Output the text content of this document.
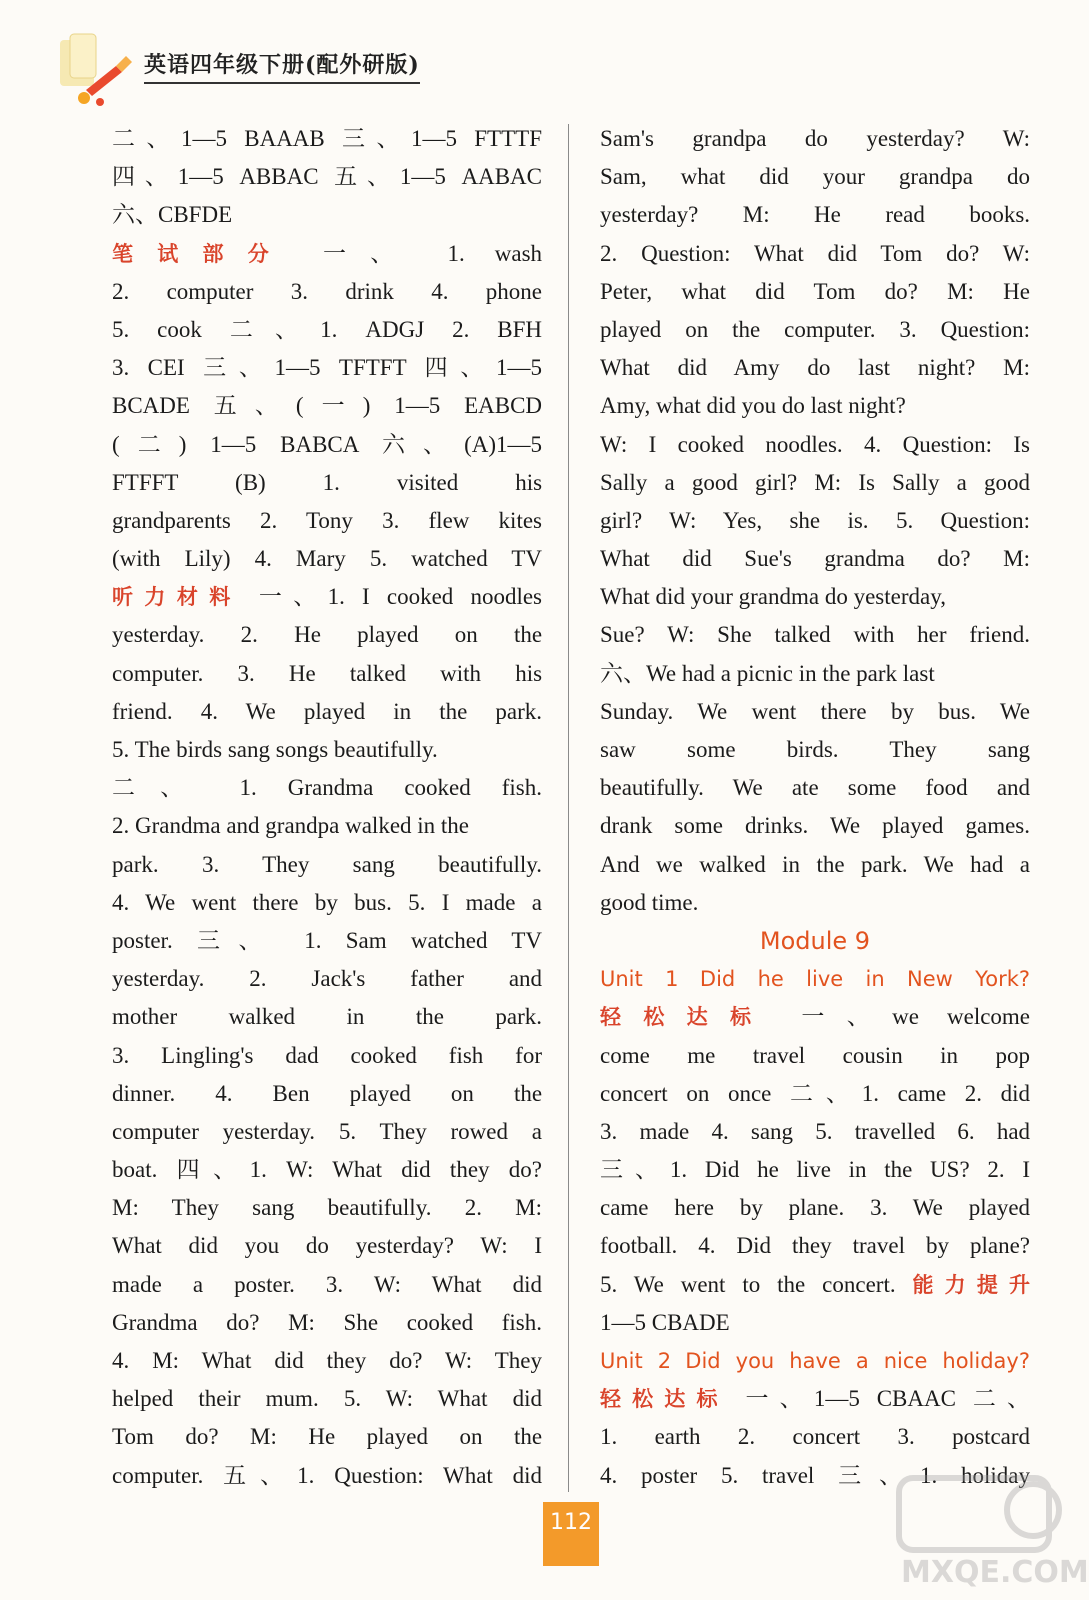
英语四年级下册(配外研版)
二、1—5 BAAAB 三、1—5 FTTTF
四、1—5 ABBAC 五、1—5 AABAC
六、CBFDE
笔试部分 一、 1. wash
2. computer 3. drink 4. phone
5. cook 二、1. ADGJ 2. BFH
3. CEI 三、1—5 TFTFT 四、1—5
BCADE 五、(一) 1—5 EABCD
(二) 1—5 BABCA 六、(A)1—5
FTFFT (B) 1. visited his
grandparents 2. Tony 3. flew kites
(with Lily) 4. Mary 5. watched TV
听力材料 一、1. I cooked noodles
yesterday. 2. He played on the
computer. 3. He talked with his
friend. 4. We played in the park.
5. The birds sang songs beautifully.
二、 1. Grandma cooked fish.
2. Grandma and grandpa walked in the
park. 3. They sang beautifully.
4. We went there by bus. 5. I made a
poster. 三、 1. Sam watched TV
yesterday. 2. Jack's father and
mother walked in the park.
3. Lingling's dad cooked fish for
dinner. 4. Ben played on the
computer yesterday. 5. They rowed a
boat. 四、1. W: What did they do?
M: They sang beautifully. 2. M:
What did you do yesterday? W: I
made a poster. 3. W: What did
Grandma do? M: She cooked fish.
4. M: What did they do? W: They
helped their mum. 5. W: What did
Tom do? M: He played on the
computer. 五、1. Question: What did
Sam's grandpa do yesterday? W:
Sam, what did your grandpa do
yesterday? M: He read books.
2. Question: What did Tom do? W:
Peter, what did Tom do? M: He
played on the computer. 3. Question:
What did Amy do last night? M:
Amy, what did you do last night?
W: I cooked noodles. 4. Question: Is
Sally a good girl? M: Is Sally a good
girl? W: Yes, she is. 5. Question:
What did Sue's grandma do? M:
What did your grandma do yesterday,
Sue? W: She talked with her friend.
六、We had a picnic in the park last
Sunday. We went there by bus. We
saw some birds. They sang
beautifully. We ate some food and
drank some drinks. We played games.
And we walked in the park. We had a
good time.
Module 9
Unit 1 Did he live in New York?
轻松达标 一、we welcome
come me travel cousin in pop
concert on once 二、1. came 2. did
3. made 4. sang 5. travelled 6. had
三、1. Did he live in the US? 2. I
came here by plane. 3. We played
football. 4. Did they travel by plane?
5. We went to the concert. 能力提升
1—5 CBADE
Unit 2 Did you have a nice holiday?
轻松达标 一、1—5 CBAAC 二、
1. earth 2. concert 3. postcard
4. poster 5. travel 三、1. holiday
112
MXQE.COM
